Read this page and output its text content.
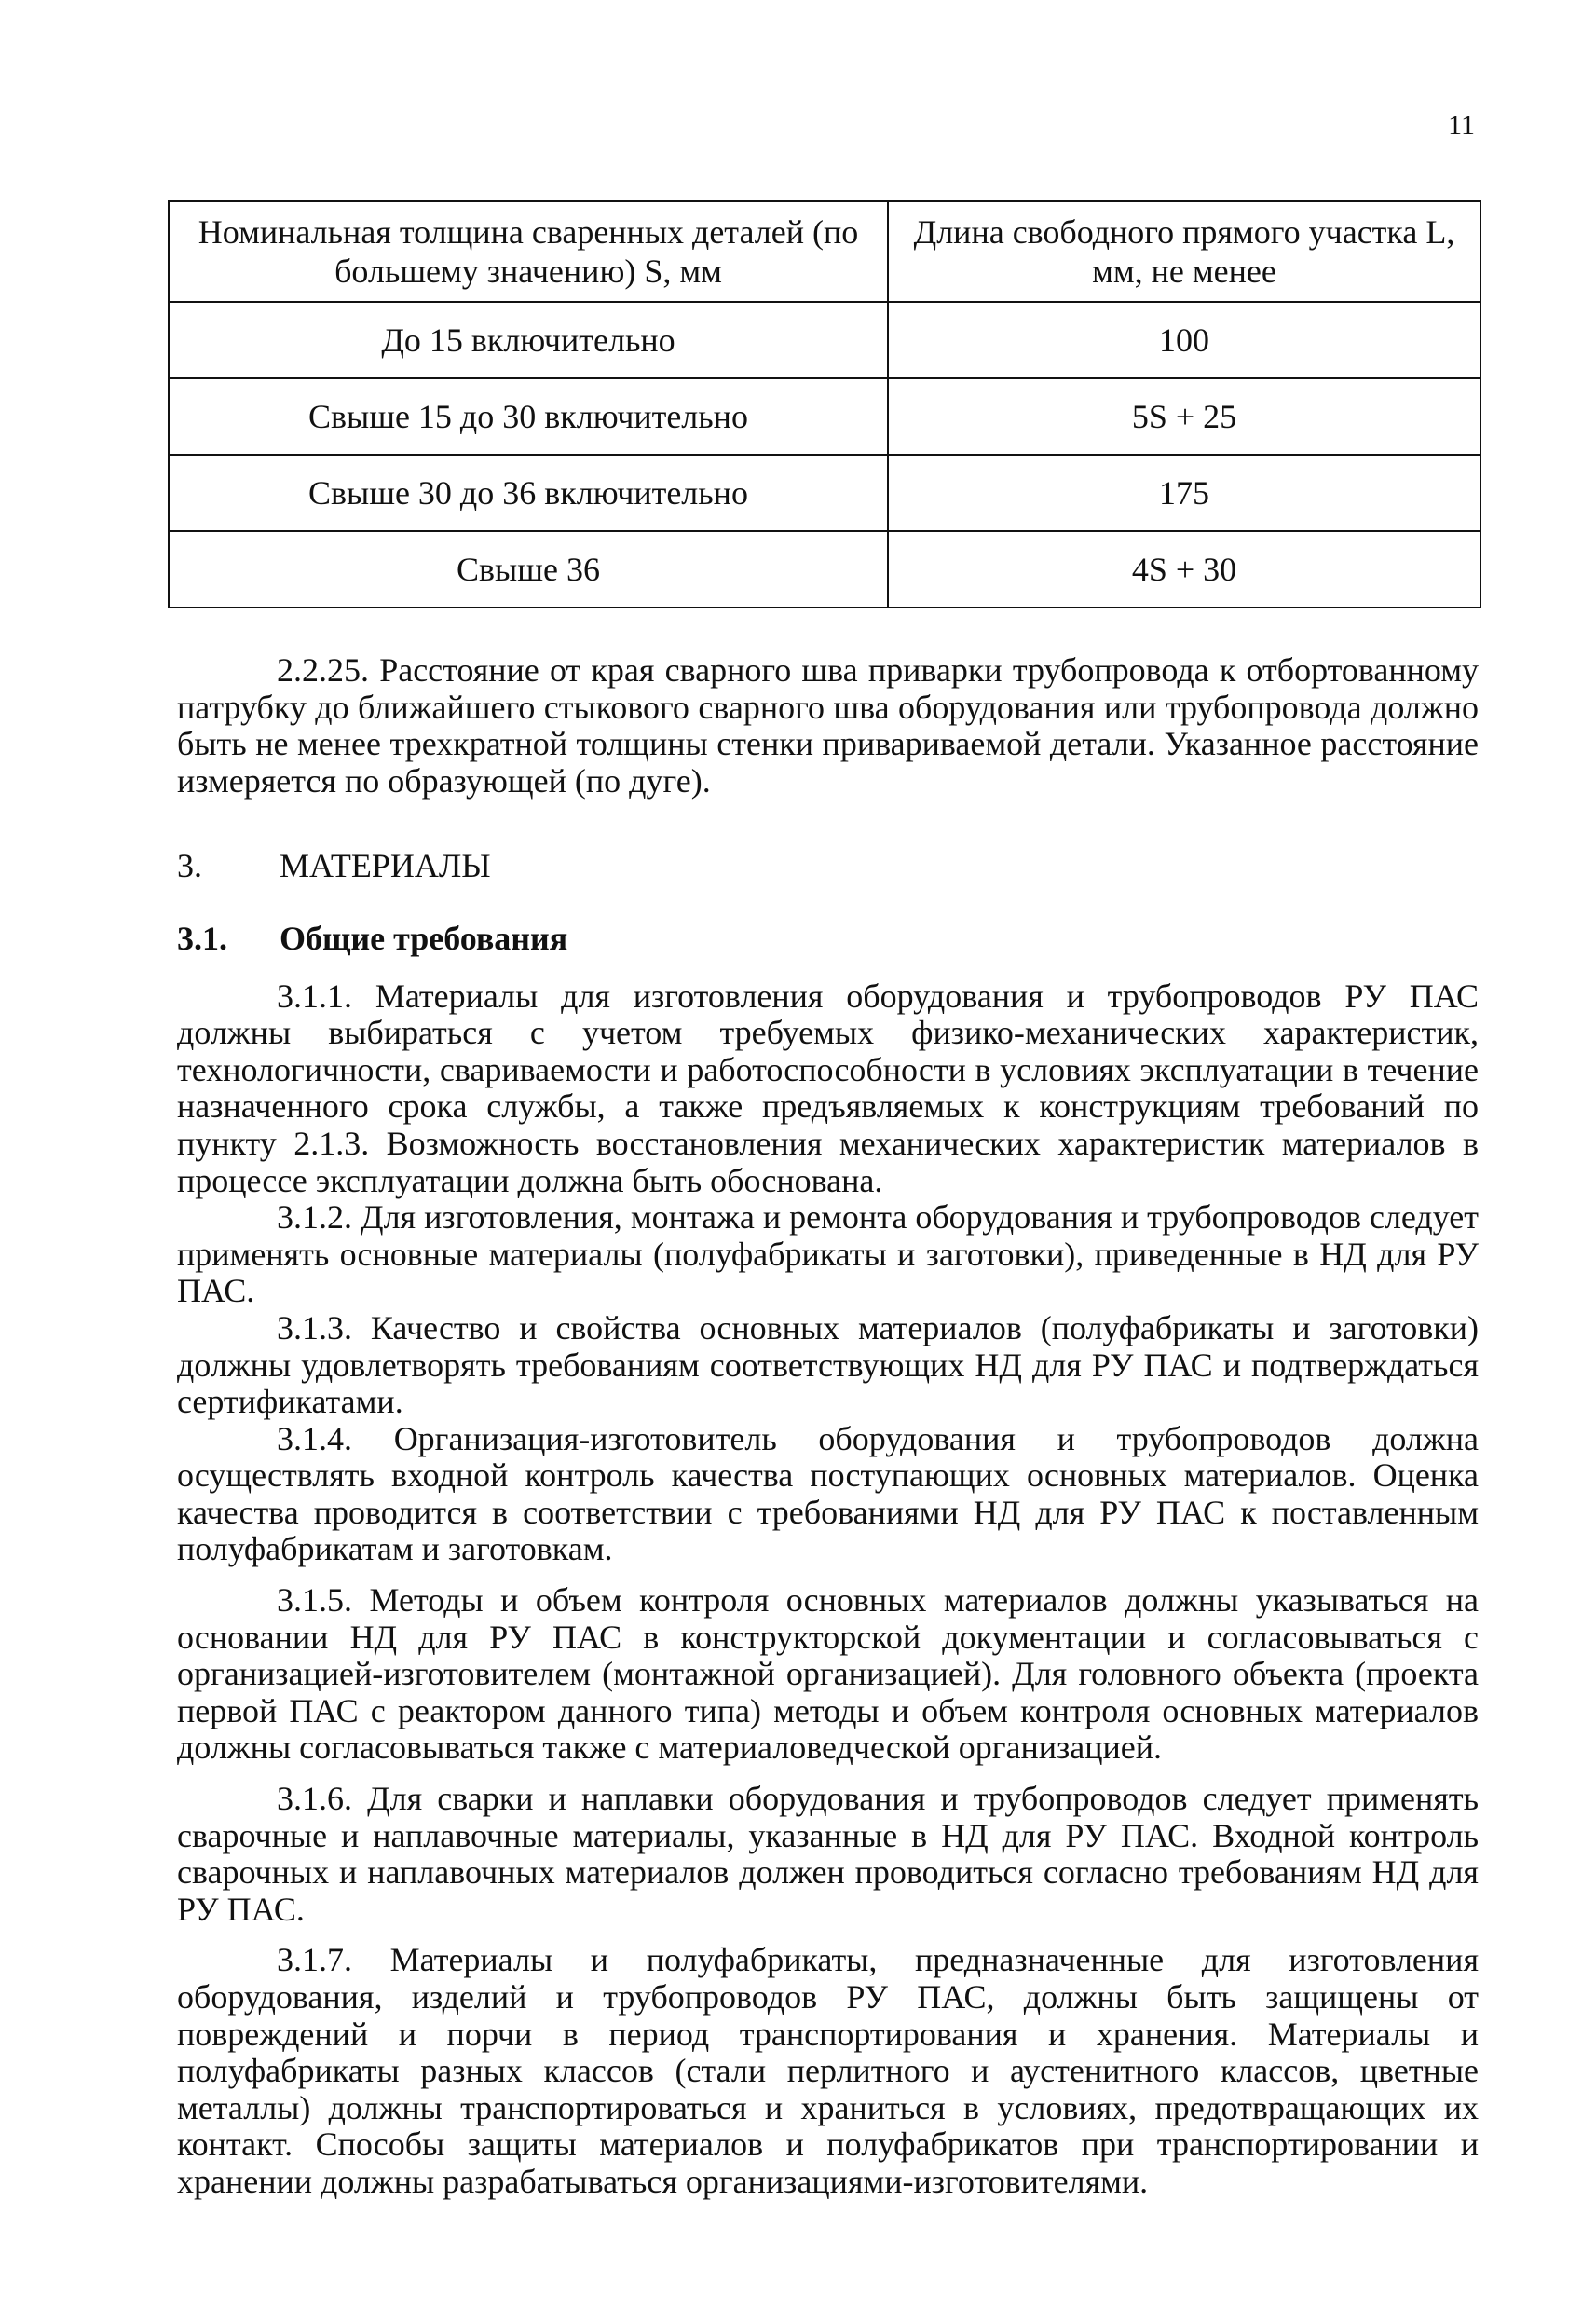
11
Номинальная толщина сваренных деталей (по большему значению) S, мм	Длина свободного прямого участка L, мм, не менее
До 15 включительно	100
Свыше 15 до 30 включительно	5S + 25
Свыше 30 до 36 включительно	175
Свыше 36	4S + 30

2.2.25. Расстояние от края сварного шва приварки трубопровода к отбортованному патрубку до ближайшего стыкового сварного шва оборудования или трубопровода должно быть не менее трехкратной толщины стенки привариваемой детали. Указанное расстояние измеряется по образующей (по дуге).

3. МАТЕРИАЛЫ
3.1. Общие требования

3.1.1. Материалы для изготовления оборудования и трубопроводов РУ ПАС должны выбираться с учетом требуемых физико-механических характеристик, технологичности, свариваемости и работоспособности в условиях эксплуатации в течение назначенного срока службы, а также предъявляемых к конструкциям требований по пункту 2.1.3. Возможность восстановления механических характеристик материалов в процессе эксплуатации должна быть обоснована.

3.1.2. Для изготовления, монтажа и ремонта оборудования и трубопроводов следует применять основные материалы (полуфабрикаты и заготовки), приведенные в НД для РУ ПАС.

3.1.3. Качество и свойства основных материалов (полуфабрикаты и заготовки) должны удовлетворять требованиям соответствующих НД для РУ ПАС и подтверждаться сертификатами.

3.1.4. Организация-изготовитель оборудования и трубопроводов должна осуществлять входной контроль качества поступающих основных материалов. Оценка качества проводится в соответствии с требованиями НД для РУ ПАС к поставленным полуфабрикатам и заготовкам.

3.1.5. Методы и объем контроля основных материалов должны указываться на основании НД для РУ ПАС в конструкторской документации и согласовываться с организацией-изготовителем (монтажной организацией). Для головного объекта (проекта первой ПАС с реактором данного типа) методы и объем контроля основных материалов должны согласовываться также с материаловедческой организацией.

3.1.6. Для сварки и наплавки оборудования и трубопроводов следует применять сварочные и наплавочные материалы, указанные в НД для РУ ПАС. Входной контроль сварочных и наплавочных материалов должен проводиться согласно требованиям НД для РУ ПАС.

3.1.7. Материалы и полуфабрикаты, предназначенные для изготовления оборудования, изделий и трубопроводов РУ ПАС, должны быть защищены от повреждений и порчи в период транспортирования и хранения. Материалы и полуфабрикаты разных классов (стали перлитного и аустенитного классов, цветные металлы) должны транспортироваться и храниться в условиях, предотвращающих их контакт. Способы защиты материалов и полуфабрикатов при транспортировании и хранении должны разрабатываться организациями-изготовителями.
